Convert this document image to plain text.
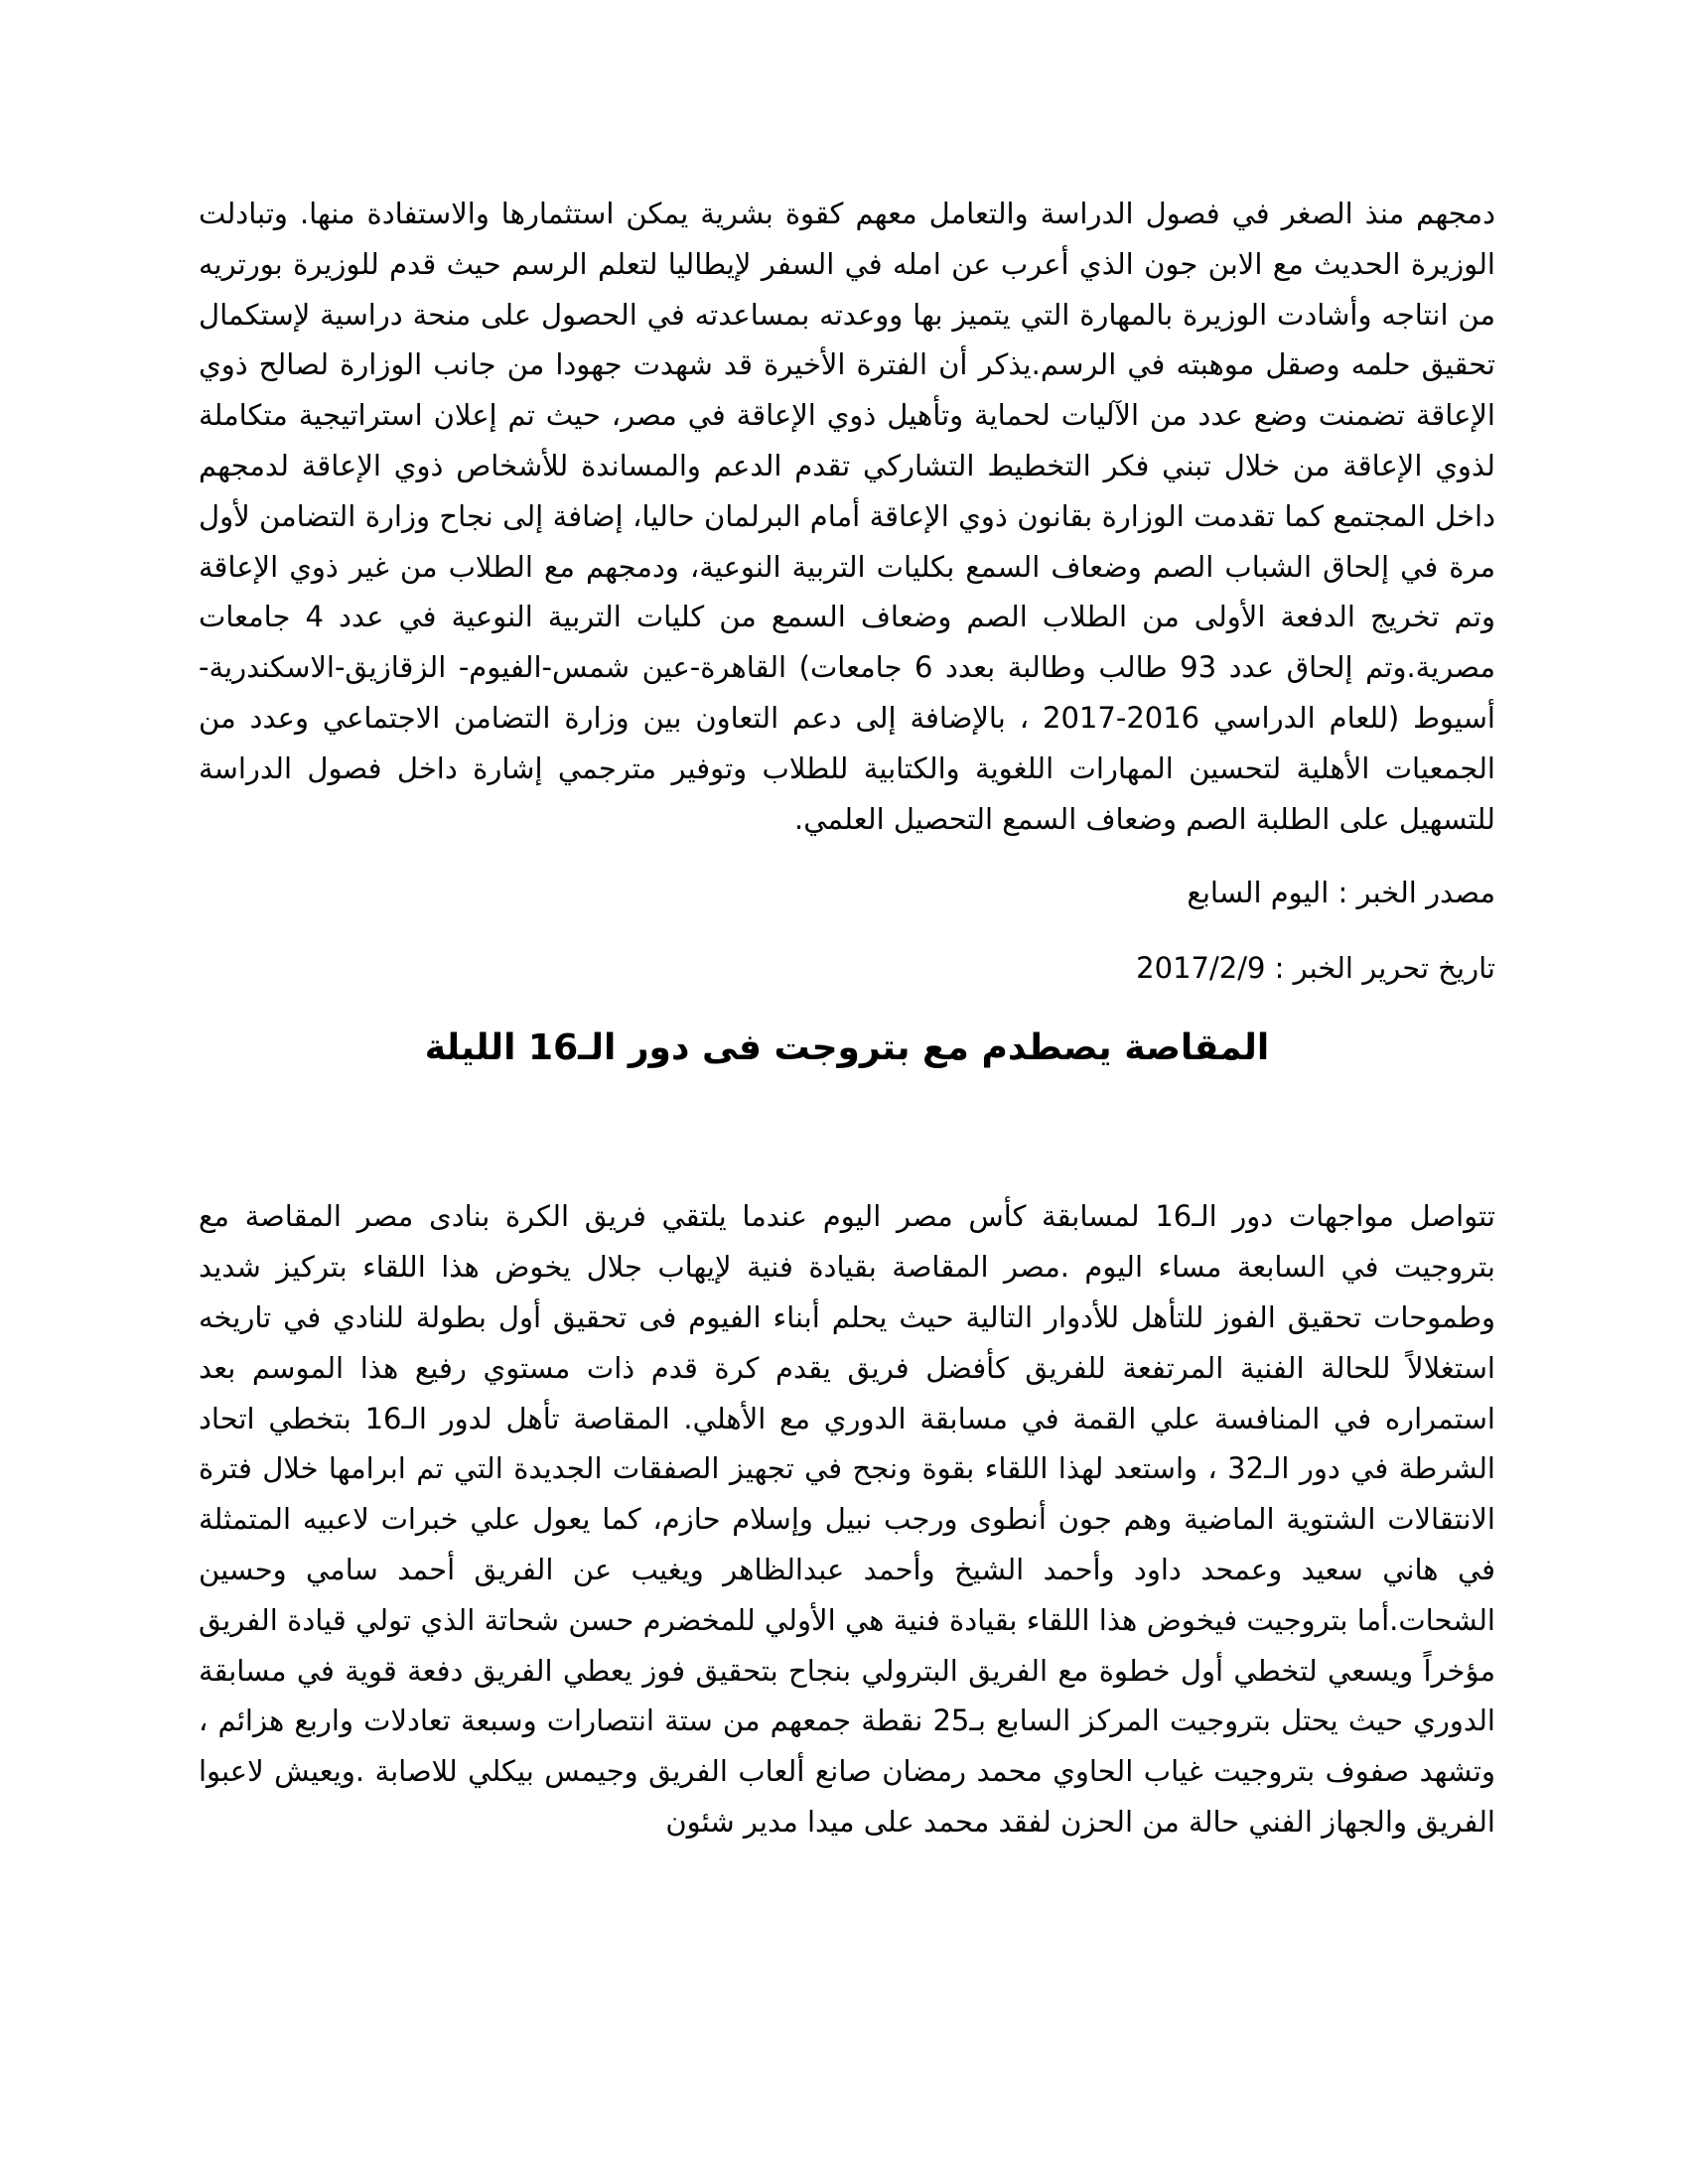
دمجهم منذ الصغر في فصول الدراسة والتعامل معهم كقوة بشرية يمكن استثمارها والاستفادة منها. وتبادلت الوزيرة الحديث مع الابن جون الذي أعرب عن امله في السفر لإيطاليا لتعلم الرسم حيث قدم للوزيرة بورتريه من انتاجه وأشادت الوزيرة بالمهارة التي يتميز بها ووعدته بمساعدته في الحصول على منحة دراسية لإستكمال تحقيق حلمه وصقل موهبته في الرسم.يذكر أن الفترة الأخيرة قد شهدت جهودا من جانب الوزارة لصالح ذوي الإعاقة تضمنت وضع عدد من الآليات لحماية وتأهيل ذوي الإعاقة في مصر، حيث تم إعلان استراتيجية متكاملة لذوي الإعاقة من خلال تبني فكر التخطيط التشاركي تقدم الدعم والمساندة للأشخاص ذوي الإعاقة لدمجهم داخل المجتمع كما تقدمت الوزارة بقانون ذوي الإعاقة أمام البرلمان حاليا، إضافة إلى نجاح وزارة التضامن لأول مرة في إلحاق الشباب الصم وضعاف السمع بكليات التربية النوعية، ودمجهم مع الطلاب من غير ذوي الإعاقة وتم تخريج الدفعة الأولى من الطلاب الصم وضعاف السمع من كليات التربية النوعية في عدد 4 جامعات مصرية.وتم إلحاق عدد 93 طالب وطالبة بعدد 6 جامعات) القاهرة-عين شمس-الفيوم- الزقازيق-الاسكندرية-أسيوط (للعام الدراسي 2016-2017 ، بالإضافة إلى دعم التعاون بين وزارة التضامن الاجتماعي وعدد من الجمعيات الأهلية لتحسين المهارات اللغوية والكتابية للطلاب وتوفير مترجمي إشارة داخل فصول الدراسة للتسهيل على الطلبة الصم وضعاف السمع التحصيل العلمي.

مصدر الخبر : اليوم السابع

تاريخ تحرير الخبر : 2017/2/9

المقاصة يصطدم مع بتروجت فى دور الـ16 الليلة

تتواصل مواجهات دور الـ16 لمسابقة كأس مصر اليوم عندما يلتقي فريق الكرة بنادى مصر المقاصة مع بتروجيت في السابعة مساء اليوم .مصر المقاصة بقيادة فنية لإيهاب جلال يخوض هذا اللقاء بتركيز شديد وطموحات تحقيق الفوز للتأهل للأدوار التالية حيث يحلم أبناء الفيوم فى تحقيق أول بطولة للنادي في تاريخه استغلالاً للحالة الفنية المرتفعة للفريق كأفضل فريق يقدم كرة قدم ذات مستوي رفيع هذا الموسم بعد استمراره في المنافسة علي القمة في مسابقة الدوري مع الأهلي. المقاصة تأهل لدور الـ16 بتخطي اتحاد الشرطة في دور الـ32 ، واستعد لهذا اللقاء بقوة ونجح في تجهيز الصفقات الجديدة التي تم ابرامها خلال فترة الانتقالات الشتوية الماضية وهم جون أنطوى ورجب نبيل وإسلام حازم، كما يعول علي خبرات لاعبيه المتمثلة في هاني سعيد وعمحد داود وأحمد الشيخ وأحمد عبدالظاهر ويغيب عن الفريق أحمد سامي وحسين الشحات.أما بتروجيت فيخوض هذا اللقاء بقيادة فنية هي الأولي للمخضرم حسن شحاتة الذي تولي قيادة الفريق مؤخراً ويسعي لتخطي أول خطوة مع الفريق البترولي بنجاح بتحقيق فوز يعطي الفريق دفعة قوية في مسابقة الدوري حيث يحتل بتروجيت المركز السابع بـ25 نقطة جمعهم من ستة انتصارات وسبعة تعادلات واربع هزائم ، وتشهد صفوف بتروجيت غياب الحاوي محمد رمضان صانع ألعاب الفريق وجيمس بيكلي للاصابة .ويعيش لاعبوا الفريق والجهاز الفني حالة من الحزن لفقد محمد على ميدا مدير شئون
